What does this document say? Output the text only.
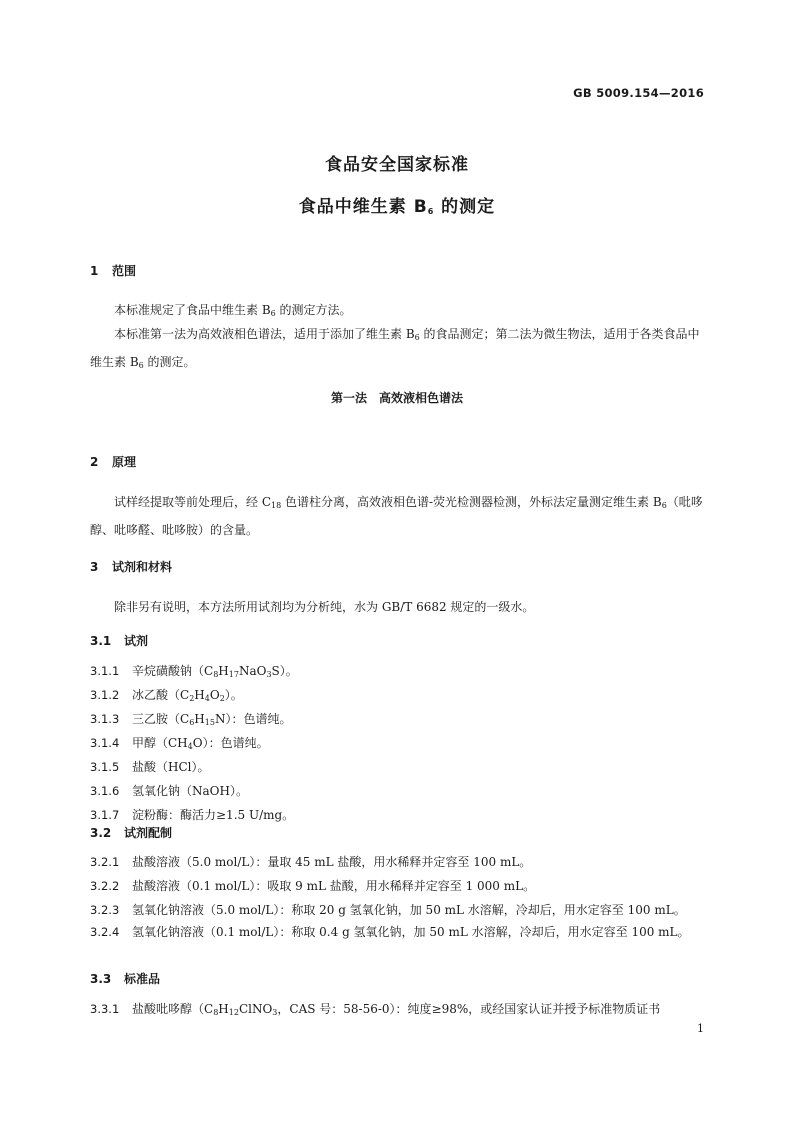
GB 5009.154—2016
食品安全国家标准
食品中维生素 $B_6$ 的测定
1 范围
本标准规定了食品中维生素 $B_6$ 的测定方法。
本标准第一法为高效液相色谱法，适用于添加了维生素 $B_6$ 的食品测定；第二法为微生物法，适用于各类食品中维生素 $B_6$ 的测定。
第一法　高效液相色谱法
2 原理
试样经提取等前处理后，经 $C_{18}$ 色谱柱分离，高效液相色谱-荧光检测器检测，外标法定量测定维生素 $B_6$（吡哆醇、吡哆醛、吡哆胺）的含量。
3 试剂和材料
除非另有说明，本方法所用试剂均为分析纯，水为 GB/T 6682 规定的一级水。
3.1 试剂
3.1.1 辛烷磺酸钠$(C_8H_{17}NaO_3S)$。
3.1.2 冰乙酸$(C_2H_4O_2)$。
3.1.3 三乙胺$(C_6H_{15}N)$：色谱纯。
3.1.4 甲醇$(CH_4O)$：色谱纯。
3.1.5 盐酸（HCl）。
3.1.6 氢氧化钠（NaOH）。
3.1.7 淀粉酶：酶活力≥1.5 U/mg。
3.2 试剂配制
3.2.1 盐酸溶液（5.0 mol/L）：量取 45 mL 盐酸，用水稀释并定容至 100 mL。
3.2.2 盐酸溶液（0.1 mol/L）：吸取 9 mL 盐酸，用水稀释并定容至 1 000 mL。
3.2.3 氢氧化钠溶液（5.0 mol/L）：称取 20 g 氢氧化钠，加 50 mL 水溶解，冷却后，用水定容至 100 mL。
3.2.4 氢氧化钠溶液（0.1 mol/L）：称取 0.4 g 氢氧化钠，加 50 mL 水溶解，冷却后，用水定容至 100 mL。
3.3 标准品
3.3.1 盐酸吡哆醇（$C_8H_{12}ClNO_3$，CAS 号：58-56-0）：纯度≥98%，或经国家认证并授予标准物质证书
1
